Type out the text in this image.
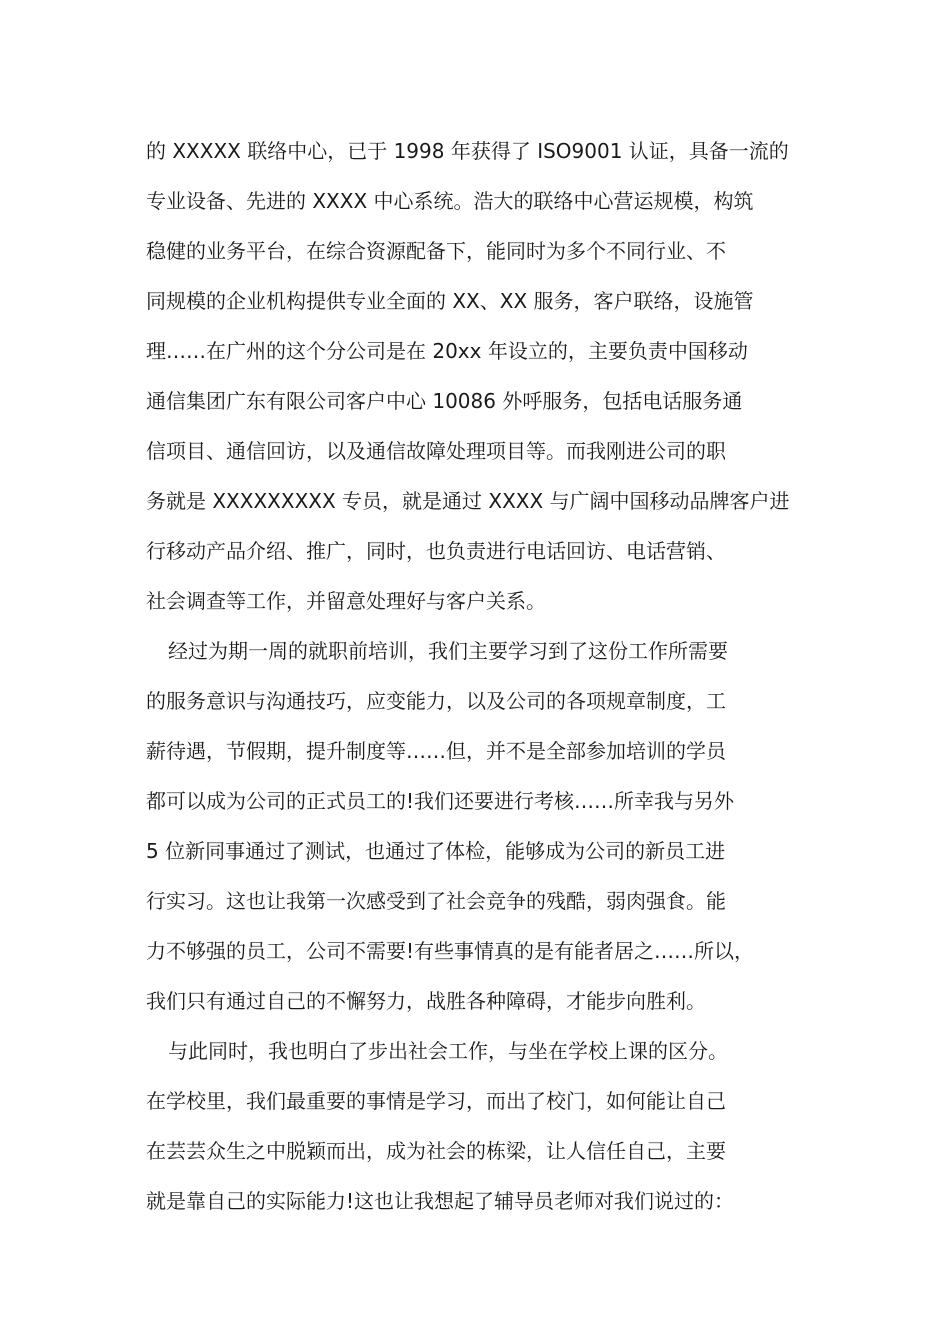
的 XXXXX 联络中心，已于 1998 年获得了 ISO9001 认证，具备一流的
专业设备、先进的 XXXX 中心系统。浩大的联络中心营运规模，构筑
稳健的业务平台，在综合资源配备下，能同时为多个不同行业、不
同规模的企业机构提供专业全面的 XX、XX 服务，客户联络，设施管
理……在广州的这个分公司是在 20xx 年设立的，主要负责中国移动
通信集团广东有限公司客户中心 10086 外呼服务，包括电话服务通
信项目、通信回访，以及通信故障处理项目等。而我刚进公司的职
务就是 XXXXXXXXX 专员，就是通过 XXXX 与广阔中国移动品牌客户进
行移动产品介绍、推广，同时，也负责进行电话回访、电话营销、
社会调查等工作，并留意处理好与客户关系。
经过为期一周的就职前培训，我们主要学习到了这份工作所需要
的服务意识与沟通技巧，应变能力，以及公司的各项规章制度，工
薪待遇，节假期，提升制度等……但，并不是全部参加培训的学员
都可以成为公司的正式员工的!我们还要进行考核……所幸我与另外
5 位新同事通过了测试，也通过了体检，能够成为公司的新员工进
行实习。这也让我第一次感受到了社会竞争的残酷，弱肉强食。能
力不够强的员工，公司不需要!有些事情真的是有能者居之……所以，
我们只有通过自己的不懈努力，战胜各种障碍，才能步向胜利。
与此同时，我也明白了步出社会工作，与坐在学校上课的区分。
在学校里，我们最重要的事情是学习，而出了校门，如何能让自己
在芸芸众生之中脱颖而出，成为社会的栋梁，让人信任自己，主要
就是靠自己的实际能力!这也让我想起了辅导员老师对我们说过的：
